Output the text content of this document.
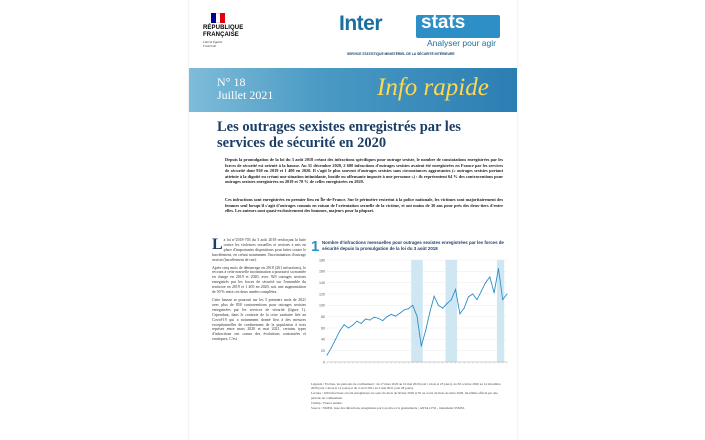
RÉPUBLIQUE FRANÇAISE
Liberté Égalité Fraternité
Inter stats
Analyser pour agir
SERVICE STATISTIQUE MINISTÉRIEL DE LA SÉCURITÉ INTÉRIEURE
N° 18
Juillet 2021	Info rapide
Les outrages sexistes enregistrés par les services de sécurité en 2020
Depuis la promulgation de la loi du 3 août 2018 créant des infractions spécifiques pour outrage sexiste, le nombre de constatations enregistrées par les forces de sécurité est orienté à la hausse. Au 31 décembre 2020, 2 600 infractions d'outrages sexistes avaient été enregistrées en France par les services de sécurité dont 930 en 2019 et 1 400 en 2020. Il s'agit le plus souvent d'outrages sexistes sans circonstances aggravantes (« outrages sexistes portant atteinte à la dignité ou créant une situation intimidante, hostile ou offensante imposée à une personne ») : ils représentent 64 % des contraventions pour outrages sexistes enregistrées en 2019 et 70 % de celles enregistrées en 2020.
Ces infractions sont enregistrées en premier lieu en Île-de-France. Sur le périmètre restreint à la police nationale, les victimes sont majoritairement des femmes seul lorsqu'il s'agit d'outrages commis en raison de l'orientation sexuelle de la victime, et ont moins de 30 ans pour près des deux-tiers d'entre elles. Les auteurs sont quasi-exclusivement des hommes, majeurs pour la plupart.

La loi n°2018-703 du 3 août 2018 renforçant la lutte contre les violences sexuelles et sexistes a mis en place d'importantes dispositions pour lutter contre le harcèlement, en créant notamment l'incrimination d'outrage sexiste (harcèlement de rue).

Après cinq mois de démarrage en 2018 (261 infractions), le recours à cette nouvelle incrimination a poursuivi sa montée en charge en 2019 et 2020, avec 929 outrages sexistes enregistrés par les forces de sécurité sur l'ensemble du territoire en 2019 et 1 405 en 2020, soit une augmentation de 50 % entre ces deux années complètes.

Cette hausse se poursuit sur les 5 premiers mois de 2021 avec plus de 850 contraventions pour outrages sexistes enregistrées par les services de sécurité (figure 1). Cependant, dans le contexte de la crise sanitaire liée au Covid-19 qui a notamment donné lieu à des mesures exceptionnelles de confinement de la population à trois reprises entre mars 2020 et mai 2021, certains types d'infractions ont connu des évolutions contrastées et erratiques. C'est

1 Nombre d'infractions mensuelles pour outrages sexistes enregistrées par les forces de sécurité depuis la promulgation de la loi du 3 août 2018
0
20
40
60
80
100
120
140
160
180
Légende : En bleu, les périodes de confinement : du 17 mars 2020 au 10 mai 2020 (soit 1 mois et 23 jours), du 30 octobre 2020 au 14 décembre 2020 (soit 1 mois et 14 jours) et du 3 avril 2021 au 2 mai 2021 (soit 28 jours).
Lecture : 100 infractions ont été enregistrées au cours du mois de février 2020 et 81 au cours du mois de mars 2020, lui-même affecté par une période de confinement.
Champ : France entière.
Source : SSMSI, base des infractions enregistrées par la police et la gendarmerie ; ANTAI, PSI - traitements SSMSI.
